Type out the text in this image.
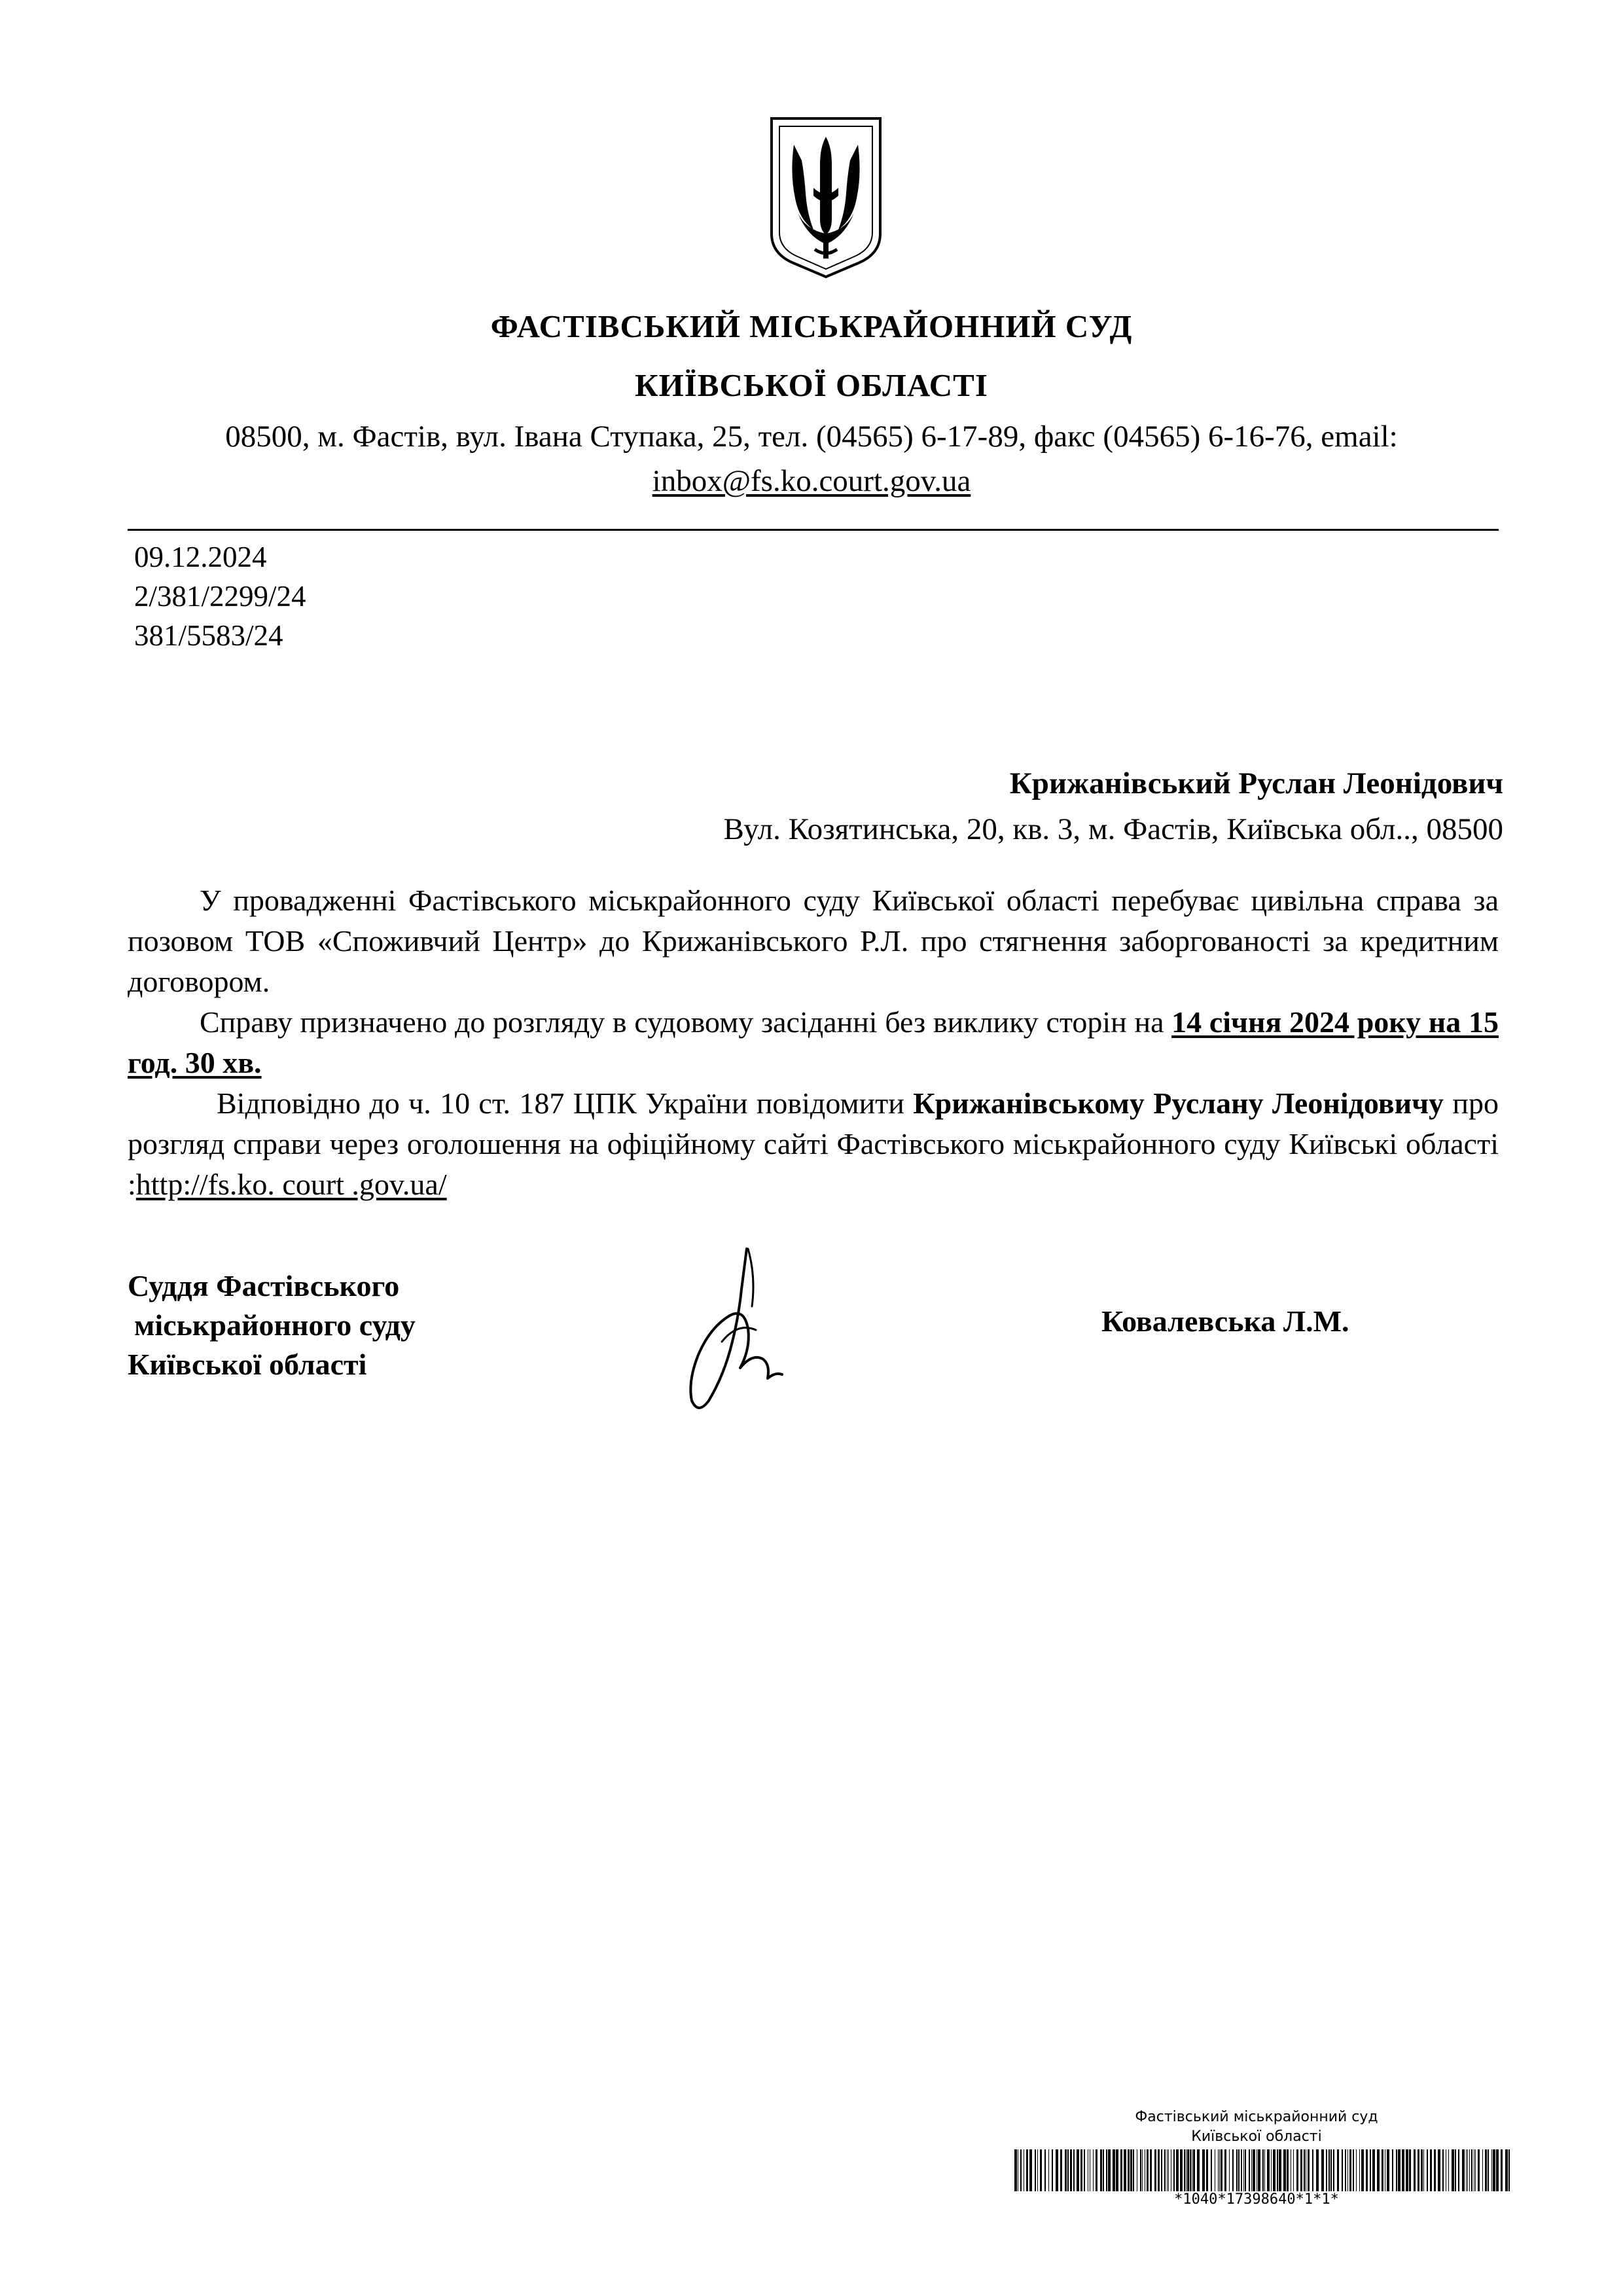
ФАСТІВСЬКИЙ МІСЬКРАЙОННИЙ СУД
КИЇВСЬКОЇ ОБЛАСТІ
08500, м. Фастів, вул. Івана Ступака, 25, тел. (04565) 6-17-89, факс (04565) 6-16-76, email:
inbox@fs.ko.court.gov.ua
09.12.2024
2/381/2299/24
381/5583/24
Крижанівський Руслан Леонідович
Вул. Козятинська, 20, кв. 3, м. Фастів, Київська обл.., 08500

У провадженні Фастівського міськрайонного суду Київської області перебуває цивільна справа за позовом ТОВ «Споживчий Центр» до Крижанівського Р.Л. про стягнення заборгованості за кредитним договором.

Справу призначено до розгляду в судовому засіданні без виклику сторін на 14 січня 2024 року на 15 год. 30 хв.

Відповідно до ч. 10 ст. 187 ЦПК України повідомити Крижанівському Руслану Леонідовичу про розгляд справи через оголошення на офіційному сайті Фастівського міськрайонного суду Київські області :http://fs.ko. court .gov.ua/

Суддя Фастівського
міськрайонного суду
Київської області
Ковалевська Л.М.
Фастівський міськрайонний суд
Київської області
*1040*17398640*1*1*
